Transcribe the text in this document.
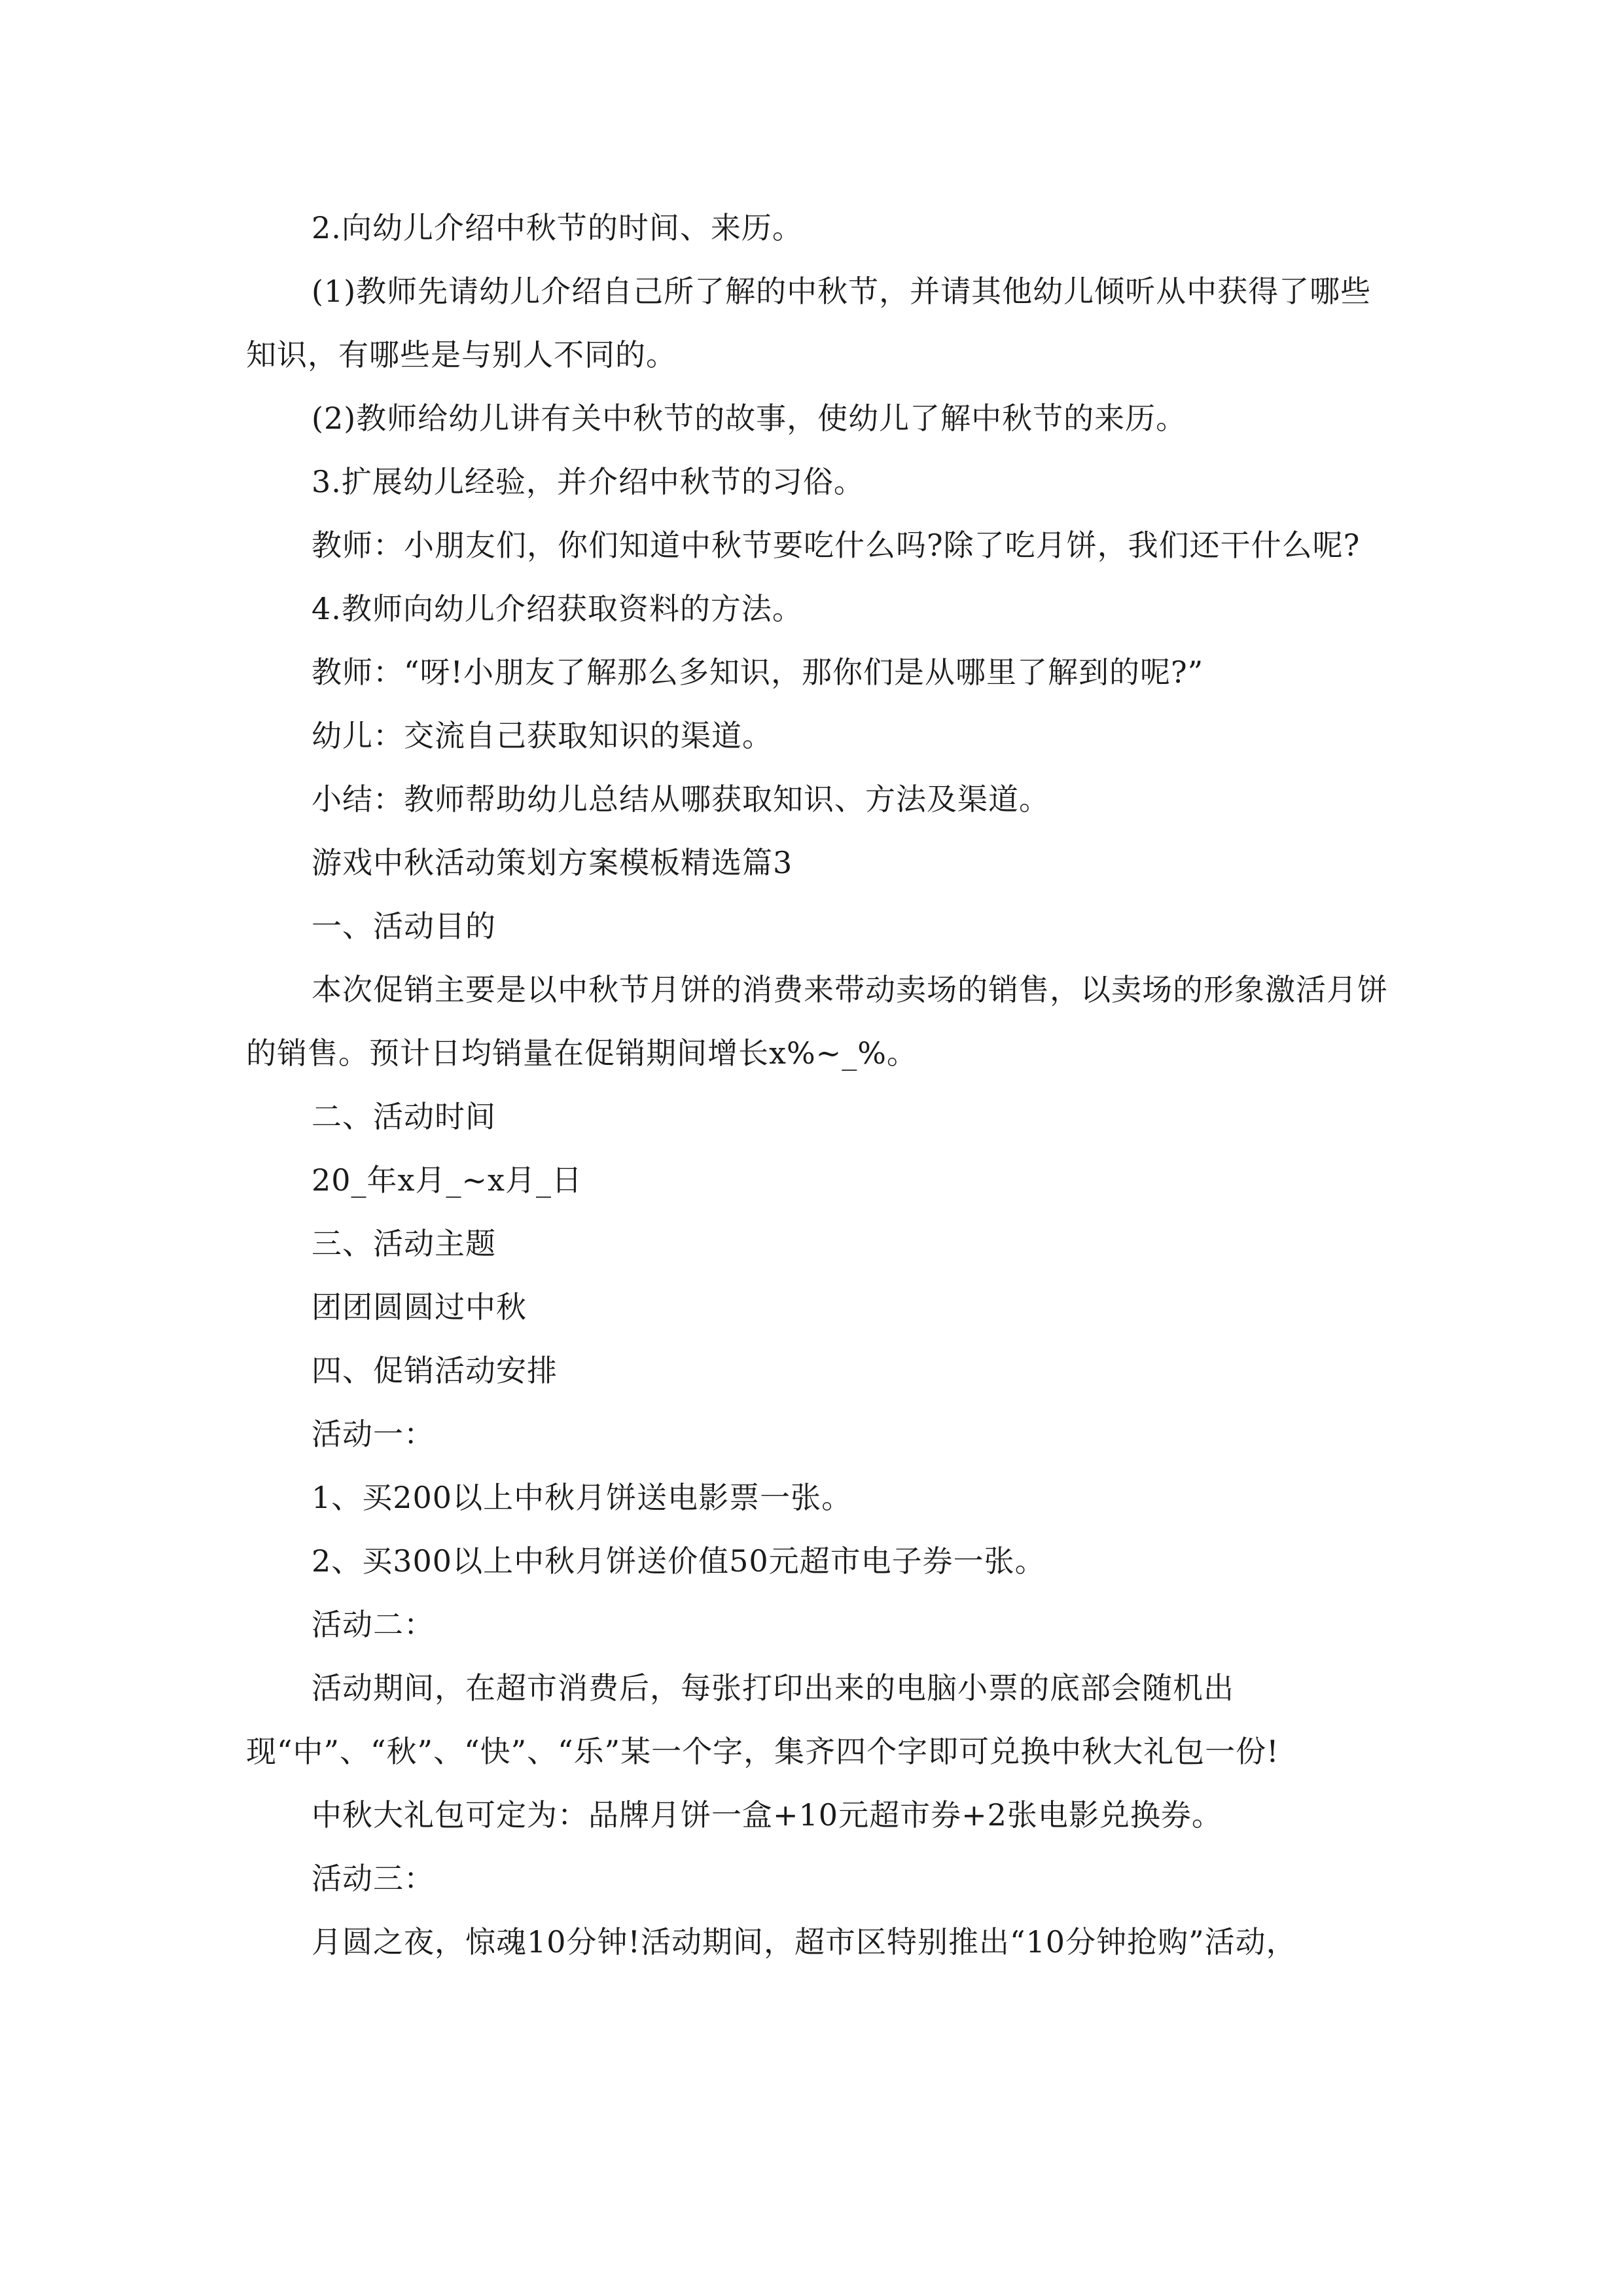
2.向幼儿介绍中秋节的时间、来历。

(1)教师先请幼儿介绍自己所了解的中秋节，并请其他幼儿倾听从中获得了哪些知识，有哪些是与别人不同的。

(2)教师给幼儿讲有关中秋节的故事，使幼儿了解中秋节的来历。

3.扩展幼儿经验，并介绍中秋节的习俗。

教师：小朋友们，你们知道中秋节要吃什么吗?除了吃月饼，我们还干什么呢?

4.教师向幼儿介绍获取资料的方法。

教师：“呀!小朋友了解那么多知识，那你们是从哪里了解到的呢?”

幼儿：交流自己获取知识的渠道。

小结：教师帮助幼儿总结从哪获取知识、方法及渠道。

游戏中秋活动策划方案模板精选篇3

一、活动目的

本次促销主要是以中秋节月饼的消费来带动卖场的销售，以卖场的形象激活月饼的销售。预计日均销量在促销期间增长x%~_%。

二、活动时间

20_年x月_~x月_日

三、活动主题

团团圆圆过中秋

四、促销活动安排

活动一：

1、买200以上中秋月饼送电影票一张。

2、买300以上中秋月饼送价值50元超市电子券一张。

活动二：

活动期间，在超市消费后，每张打印出来的电脑小票的底部会随机出现“中”、“秋”、“快”、“乐”某一个字，集齐四个字即可兑换中秋大礼包一份!

中秋大礼包可定为：品牌月饼一盒+10元超市券+2张电影兑换券。

活动三：

月圆之夜，惊魂10分钟!活动期间，超市区特别推出“10分钟抢购”活动，
